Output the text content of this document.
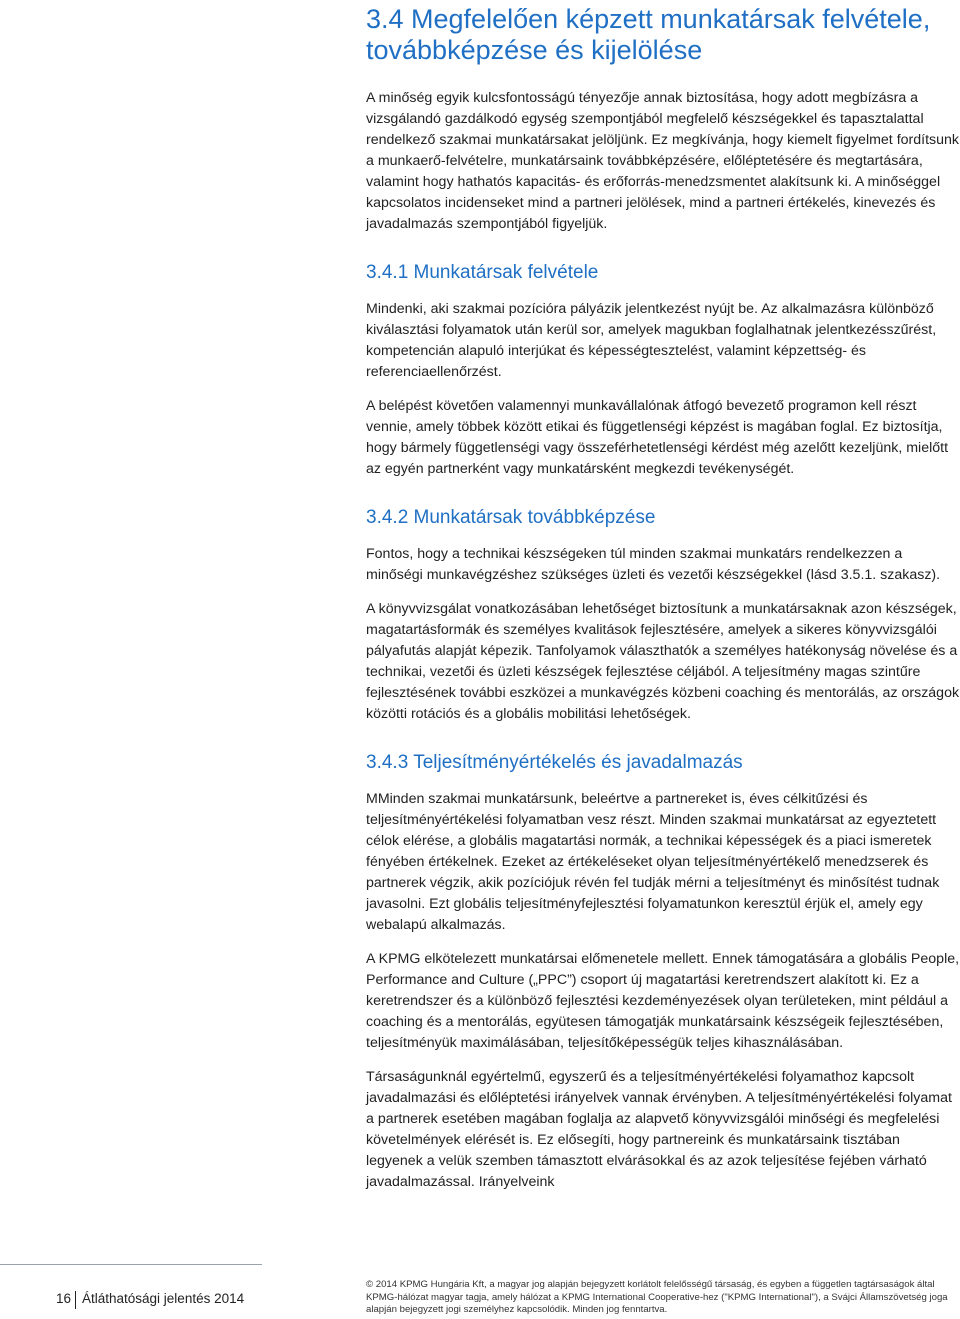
3.4 Megfelelően képzett munkatársak felvétele, továbbképzése és kijelölése

A minőség egyik kulcsfontosságú tényezője annak biztosítása, hogy adott megbízásra a vizsgálandó gazdálkodó egység szempontjából megfelelő készségekkel és tapasztalattal rendelkező szakmai munkatársakat jelöljünk. Ez megkívánja, hogy kiemelt figyelmet fordítsunk a munkaerő-felvételre, munkatársaink továbbképzésére, előléptetésére és megtartására, valamint hogy hathatós kapacitás- és erőforrás-menedzsmentet alakítsunk ki. A minőséggel kapcsolatos incidenseket mind a partneri jelölések, mind a partneri értékelés, kinevezés és javadalmazás szempontjából figyeljük.

3.4.1 Munkatársak felvétele

Mindenki, aki szakmai pozícióra pályázik jelentkezést nyújt be. Az alkalmazásra különböző kiválasztási folyamatok után kerül sor, amelyek magukban foglalhatnak jelentkezésszűrést, kompetencián alapuló interjúkat és képességtesztelést, valamint képzettség- és referenciaellenőrzést.

A belépést követően valamennyi munkavállalónak átfogó bevezető programon kell részt vennie, amely többek között etikai és függetlenségi képzést is magában foglal. Ez biztosítja, hogy bármely függetlenségi vagy összeférhetetlenségi kérdést még azelőtt kezeljünk, mielőtt az egyén partnerként vagy munkatársként megkezdi tevékenységét.

3.4.2 Munkatársak továbbképzése

Fontos, hogy a technikai készségeken túl minden szakmai munkatárs rendelkezzen a minőségi munkavégzéshez szükséges üzleti és vezetői készségekkel (lásd 3.5.1. szakasz).

A könyvvizsgálat vonatkozásában lehetőséget biztosítunk a munkatársaknak azon készségek, magatartásformák és személyes kvalitások fejlesztésére, amelyek a sikeres könyvvizsgálói pályafutás alapját képezik. Tanfolyamok választhatók a személyes hatékonyság növelése és a technikai, vezetői és üzleti készségek fejlesztése céljából. A teljesítmény magas szintűre fejlesztésének további eszközei a munkavégzés közbeni coaching és mentorálás, az országok közötti rotációs és a globális mobilitási lehetőségek.

3.4.3 Teljesítményértékelés és javadalmazás

MMinden szakmai munkatársunk, beleértve a partnereket is, éves célkitűzési és teljesítményértékelési folyamatban vesz részt. Minden szakmai munkatársat az egyeztetett célok elérése, a globális magatartási normák, a technikai képességek és a piaci ismeretek fényében értékelnek. Ezeket az értékeléseket olyan teljesítményértékelő menedzserek és partnerek végzik, akik pozíciójuk révén fel tudják mérni a teljesítményt és minősítést tudnak javasolni. Ezt globális teljesítményfejlesztési folyamatunkon keresztül érjük el, amely egy webalapú alkalmazás.

A KPMG elkötelezett munkatársai előmenetele mellett. Ennek támogatására a globális People, Performance and Culture („PPC”) csoport új magatartási keretrendszert alakított ki. Ez a keretrendszer és a különböző fejlesztési kezdeményezések olyan területeken, mint például a coaching és a mentorálás, együtesen támogatják munkatársaink készségeik fejlesztésében, teljesítményük maximálásában, teljesítőképességük teljes kihasználásában.

Társaságunknál egyértelmű, egyszerű és a teljesítményértékelési folyamathoz kapcsolt javadalmazási és előléptetési irányelvek vannak érvényben. A teljesítményértékelési folyamat a partnerek esetében magában foglalja az alapvető könyvvizsgálói minőségi és megfelelési követelmények elérését is. Ez elősegíti, hogy partnereink és munkatársaink tisztában legyenek a velük szemben támasztott elvárásokkal és az azok teljesítése fejében várható javadalmazással. Irányelveink

16 Átláthatósági jelentés 2014
© 2014 KPMG Hungária Kft, a magyar jog alapján bejegyzett korlátolt felelősségű társaság, és egyben a független tagtársaságok által KPMG-hálózat magyar tagja, amely hálózat a KPMG International Cooperative-hez ("KPMG International"), a Svájci Államszövetség joga alapján bejegyzett jogi személyhez kapcsolódik. Minden jog fenntartva.
